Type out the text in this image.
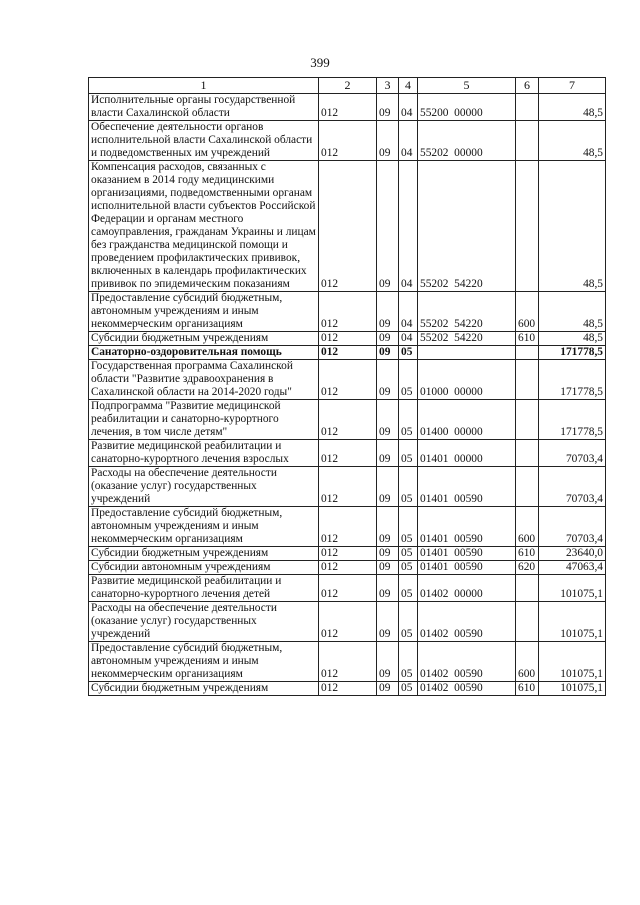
399
1	2	3	4	5	6	7
Исполнительные органы государственной власти Сахалинской области	012	09	04	55200  00000		48,5
Обеспечение деятельности органов исполнительной власти Сахалинской области и подведомственных им учреждений	012	09	04	55202  00000		48,5
Компенсация расходов, связанных с оказанием в 2014 году медицинскими организациями, подведомственными органам исполнительной власти субъектов Российской Федерации и органам местного самоуправления, гражданам Украины и лицам без гражданства медицинской помощи и проведением профилактических прививок, включенных в календарь профилактических прививок по эпидемическим показаниям	012	09	04	55202  54220		48,5
Предоставление субсидий бюджетным, автономным учреждениям и иным некоммерческим организациям	012	09	04	55202  54220	600	48,5
Субсидии бюджетным учреждениям	012	09	04	55202  54220	610	48,5
Санаторно-оздоровительная помощь	012	09	05			171778,5
Государственная программа Сахалинской области "Развитие здравоохранения в Сахалинской области на 2014-2020 годы"	012	09	05	01000  00000		171778,5
Подпрограмма "Развитие медицинской реабилитации и санаторно-курортного лечения, в том числе детям"	012	09	05	01400  00000		171778,5
Развитие медицинской реабилитации и санаторно-курортного лечения взрослых	012	09	05	01401  00000		70703,4
Расходы на обеспечение деятельности (оказание услуг) государственных учреждений	012	09	05	01401  00590		70703,4
Предоставление субсидий бюджетным, автономным учреждениям и иным некоммерческим организациям	012	09	05	01401  00590	600	70703,4
Субсидии бюджетным учреждениям	012	09	05	01401  00590	610	23640,0
Субсидии автономным учреждениям	012	09	05	01401  00590	620	47063,4
Развитие медицинской реабилитации и санаторно-курортного лечения детей	012	09	05	01402  00000		101075,1
Расходы на обеспечение деятельности (оказание услуг) государственных учреждений	012	09	05	01402  00590		101075,1
Предоставление субсидий бюджетным, автономным учреждениям и иным некоммерческим организациям	012	09	05	01402  00590	600	101075,1
Субсидии бюджетным учреждениям	012	09	05	01402  00590	610	101075,1
